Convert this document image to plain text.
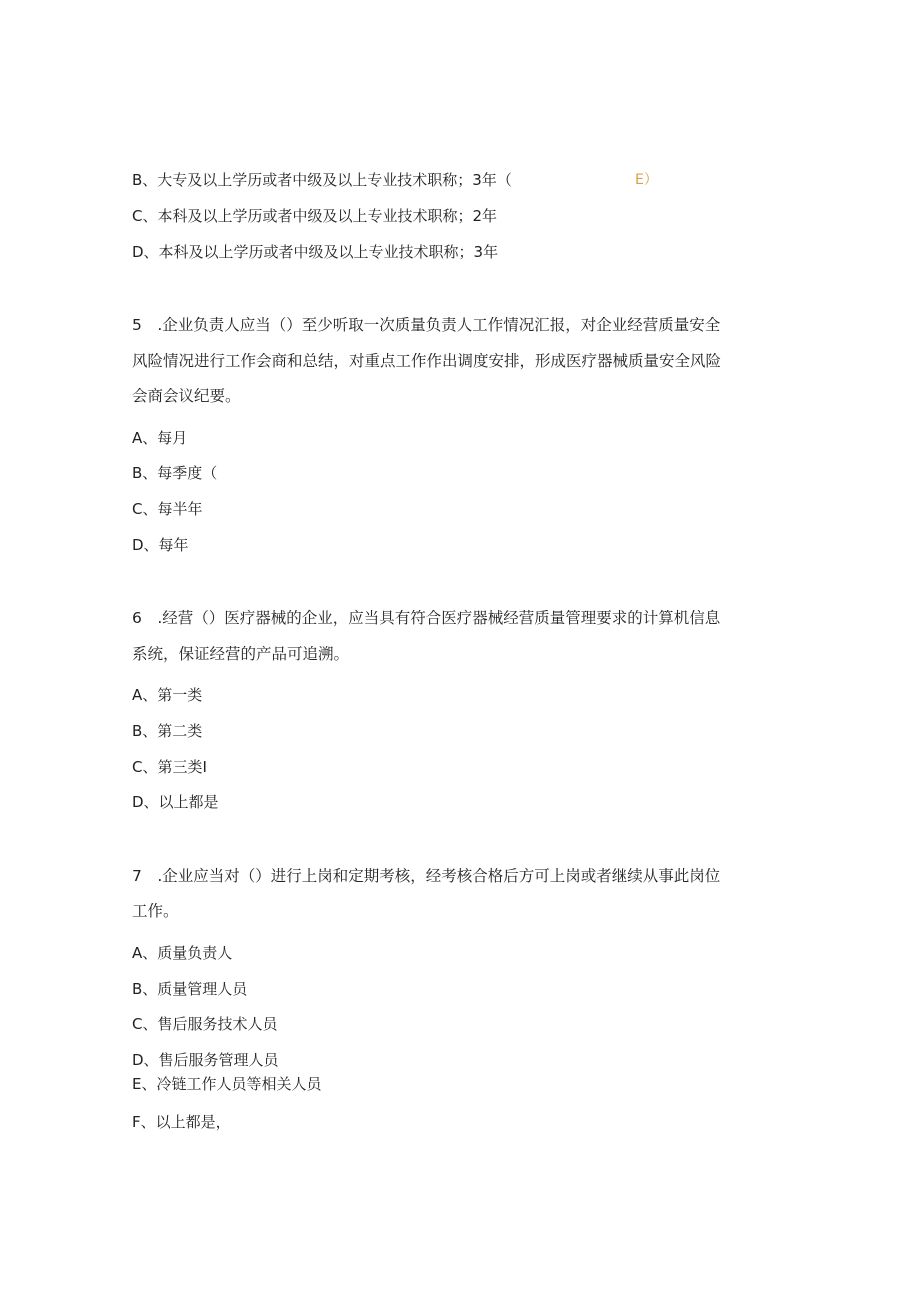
B、大专及以上学历或者中级及以上专业技术职称；3年（	E）
C、本科及以上学历或者中级及以上专业技术职称；2年
D、本科及以上学历或者中级及以上专业技术职称；3年
5　.企业负责人应当（）至少听取一次质量负责人工作情况汇报，对企业经营质量安全
风险情况进行工作会商和总结，对重点工作作出调度安排，形成医疗器械质量安全风险
会商会议纪要。
A、每月
B、每季度（
C、每半年
D、每年
6　.经营（）医疗器械的企业，应当具有符合医疗器械经营质量管理要求的计算机信息
系统，保证经营的产品可追溯。
A、第一类
B、第二类
C、第三类I
D、以上都是
7　.企业应当对（）进行上岗和定期考核，经考核合格后方可上岗或者继续从事此岗位
工作。
A、质量负责人
B、质量管理人员
C、售后服务技术人员
D、售后服务管理人员
E、冷链工作人员等相关人员
F、以上都是，
